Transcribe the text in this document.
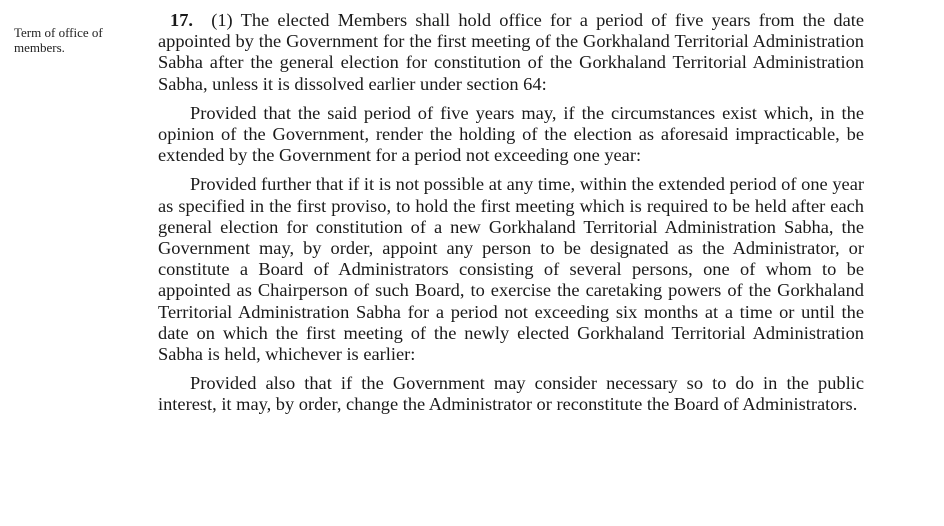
Term of office of members.

17. (1) The elected Members shall hold office for a period of five years from the date appointed by the Government for the first meeting of the Gorkhaland Territorial Administration Sabha after the general election for constitution of the Gorkhaland Territorial Administration Sabha, unless it is dissolved earlier under section 64:

Provided that the said period of five years may, if the circumstances exist which, in the opinion of the Government, render the holding of the election as aforesaid impracticable, be extended by the Government for a period not exceeding one year:

Provided further that if it is not possible at any time, within the extended period of one year as specified in the first proviso, to hold the first meeting which is required to be held after each general election for constitution of a new Gorkhaland Territorial Administration Sabha, the Government may, by order, appoint any person to be designated as the Administrator, or constitute a Board of Administrators consisting of several persons, one of whom to be appointed as Chairperson of such Board, to exercise the caretaking powers of the Gorkhaland Territorial Administration Sabha for a period not exceeding six months at a time or until the date on which the first meeting of the newly elected Gorkhaland Territorial Administration Sabha is held, whichever is earlier:

Provided also that if the Government may consider necessary so to do in the public interest, it may, by order, change the Administrator or reconstitute the Board of Administrators.
